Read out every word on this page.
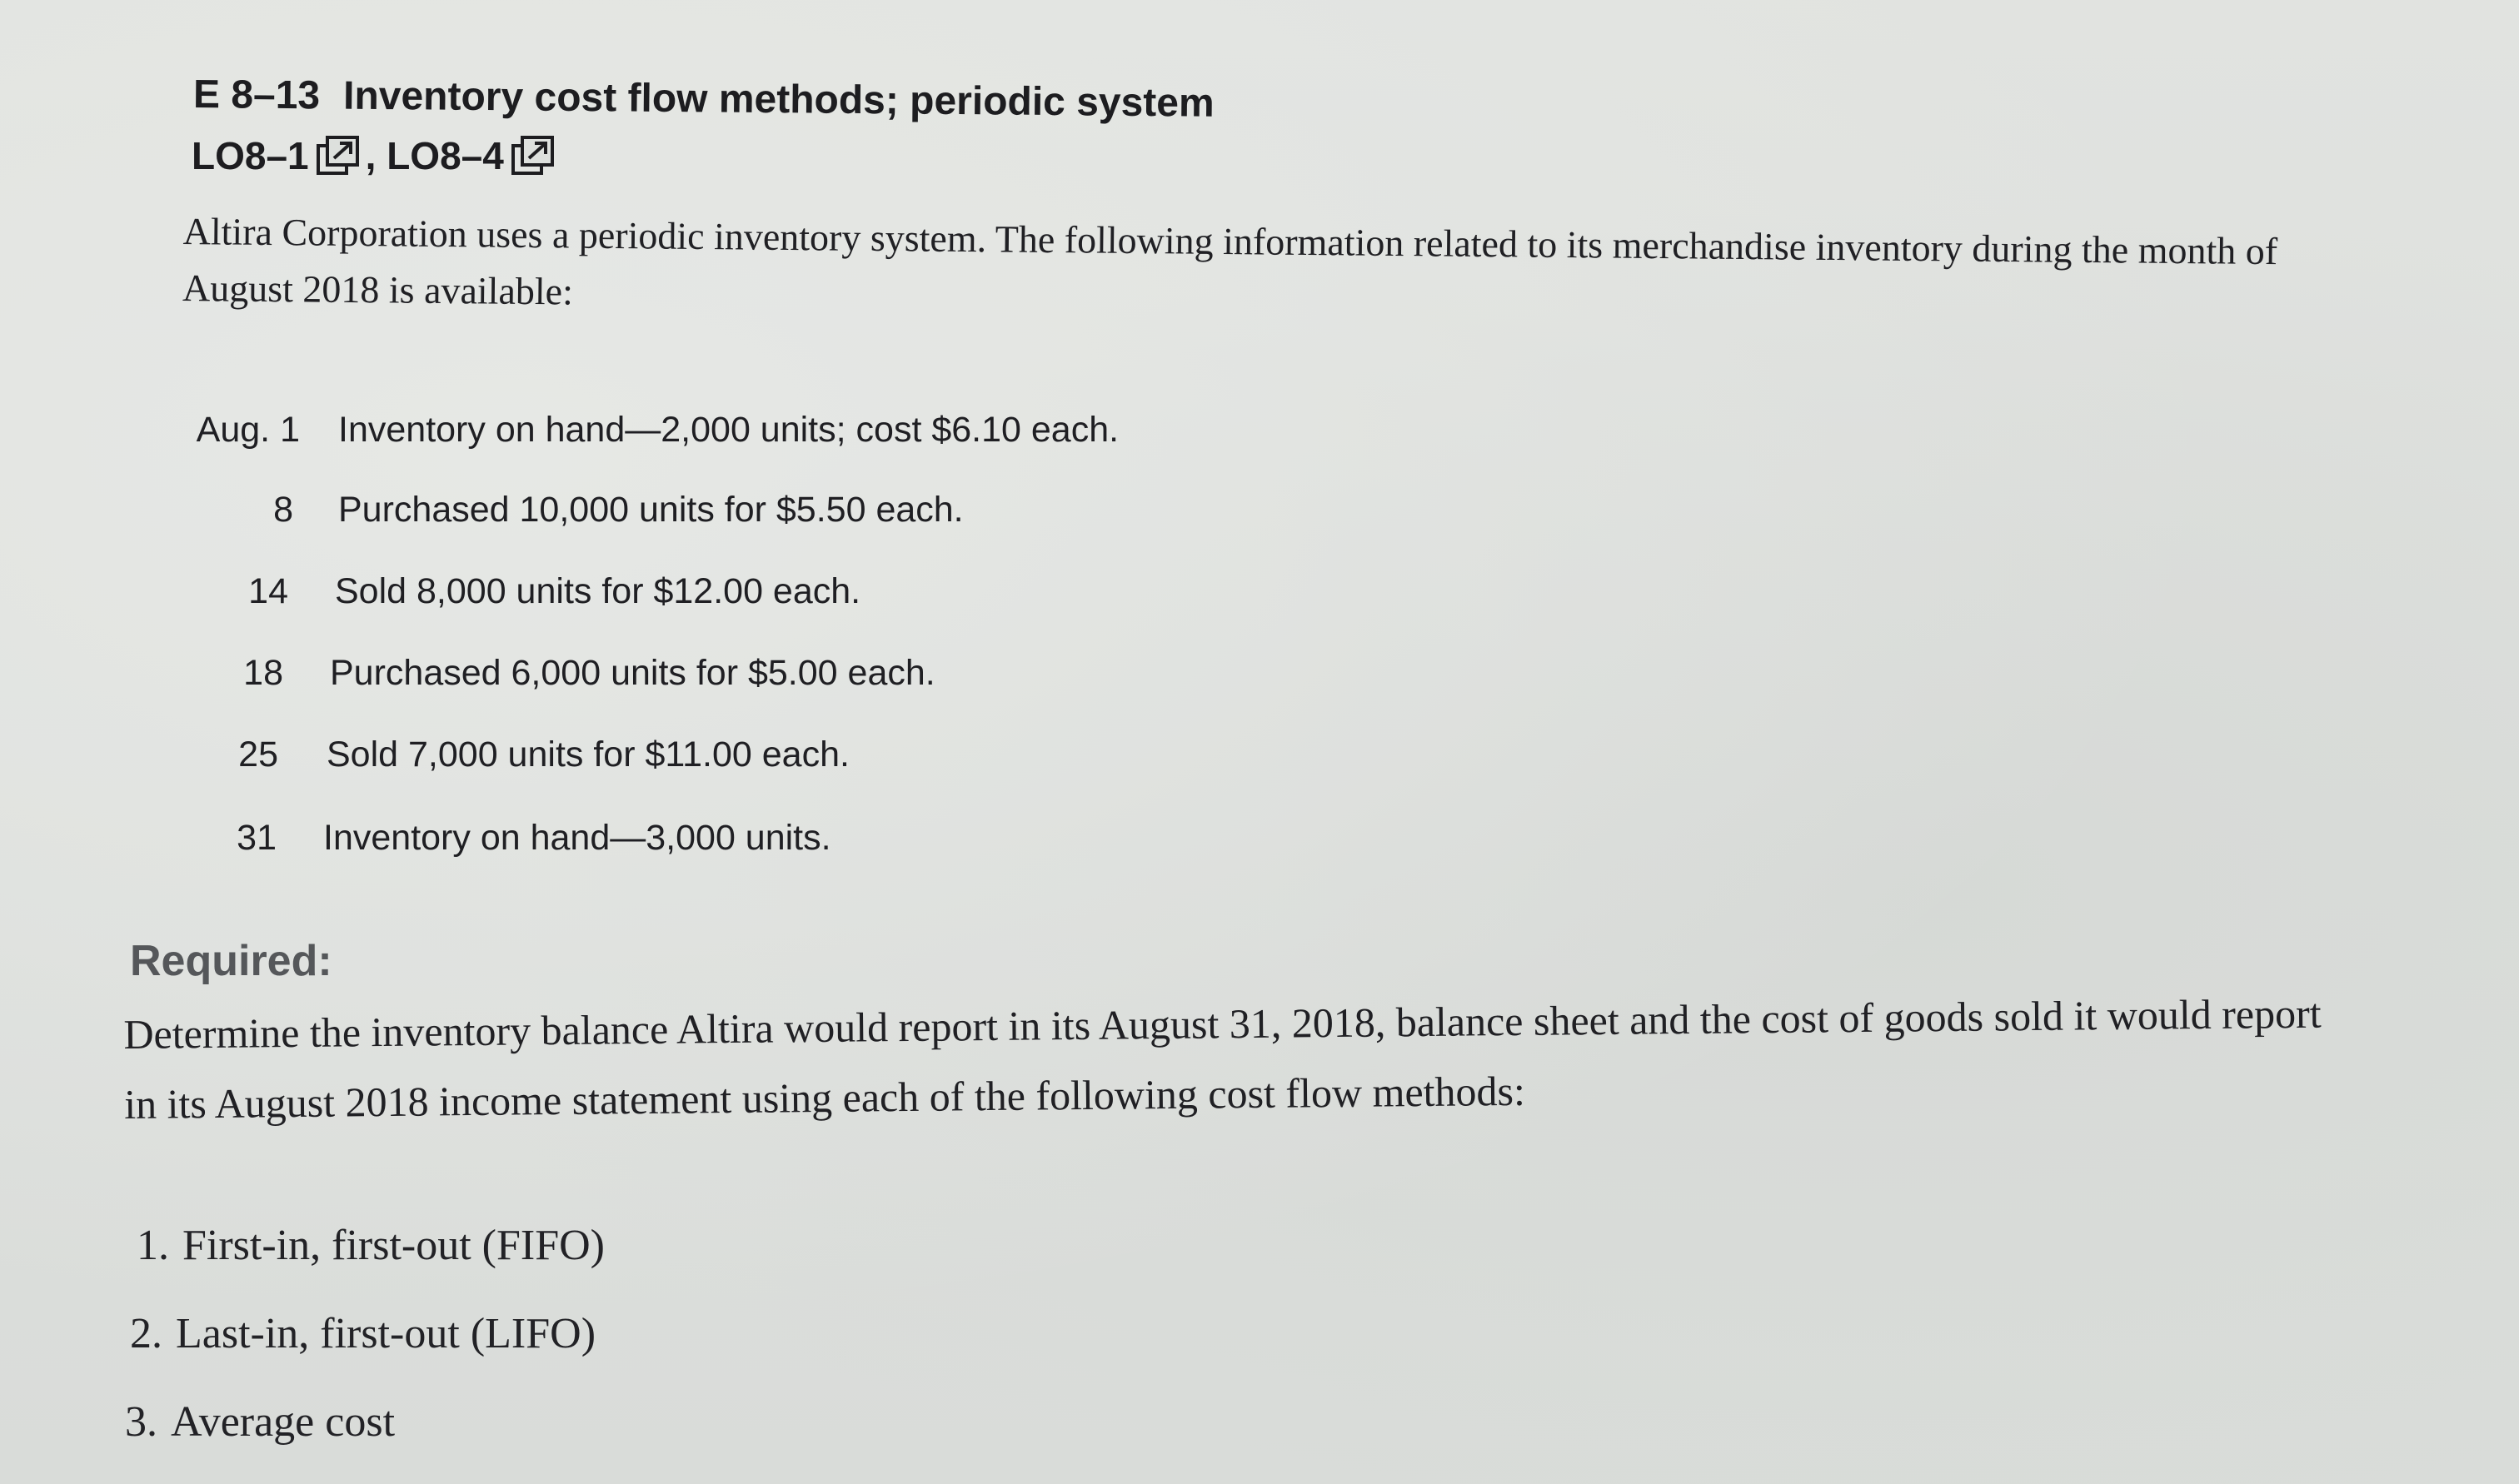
E 8–13 Inventory cost flow methods; periodic system
LO8–1 , LO8–4
Altira Corporation uses a periodic inventory system. The following information related to its merchandise inventory during the month of August 2018 is available:
Aug. 1 Inventory on hand—2,000 units; cost $6.10 each.
8 Purchased 10,000 units for $5.50 each.
14 Sold 8,000 units for $12.00 each.
18 Purchased 6,000 units for $5.00 each.
25 Sold 7,000 units for $11.00 each.
31 Inventory on hand—3,000 units.
Required:
Determine the inventory balance Altira would report in its August 31, 2018, balance sheet and the cost of goods sold it would report in its August 2018 income statement using each of the following cost flow methods:
1. First-in, first-out (FIFO)
2. Last-in, first-out (LIFO)
3. Average cost
